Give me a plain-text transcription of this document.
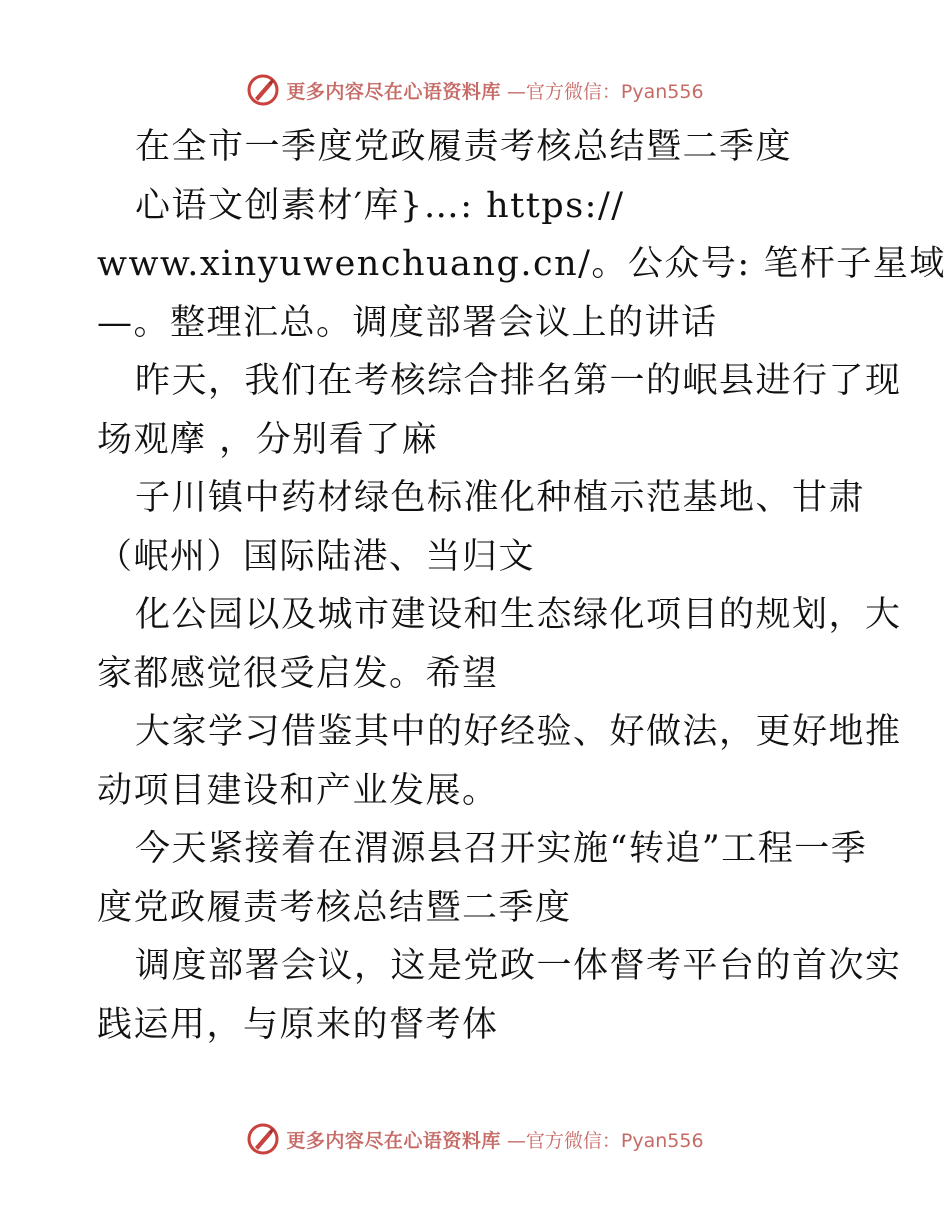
更多内容尽在心语资料库 —官方微信：Pyan556

在全市一季度党政履责考核总结暨二季度

心语文创素材′库}…: https://

www.xinyuwenchuang.cn/。公众号: 笔杆子星域

—。整理汇总。调度部署会议上的讲话

昨天，我们在考核综合排名第一的岷县进行了现

场观摩 ，分别看了麻

子川镇中药材绿色标准化种植示范基地、甘肃

（岷州）国际陆港、当归文

化公园以及城市建设和生态绿化项目的规划，大

家都感觉很受启发。希望

大家学习借鉴其中的好经验、好做法，更好地推

动项目建设和产业发展。

今天紧接着在渭源县召开实施“转追”工程一季

度党政履责考核总结暨二季度

调度部署会议，这是党政一体督考平台的首次实

践运用，与原来的督考体

更多内容尽在心语资料库 —官方微信：Pyan556
